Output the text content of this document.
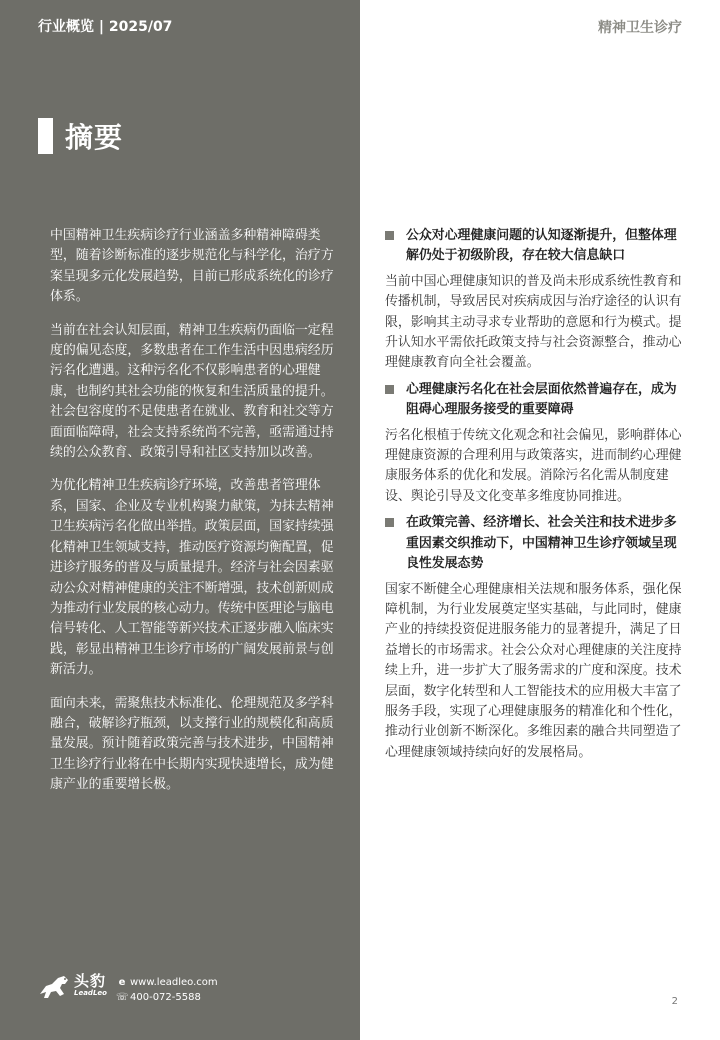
行业概览 | 2025/07
摘要

中国精神卫生疾病诊疗行业涵盖多种精神障碍类型，随着诊断标准的逐步规范化与科学化，治疗方案呈现多元化发展趋势，目前已形成系统化的诊疗体系。

当前在社会认知层面，精神卫生疾病仍面临一定程度的偏见态度，多数患者在工作生活中因患病经历污名化遭遇。这种污名化不仅影响患者的心理健康，也制约其社会功能的恢复和生活质量的提升。社会包容度的不足使患者在就业、教育和社交等方面面临障碍，社会支持系统尚不完善，亟需通过持续的公众教育、政策引导和社区支持加以改善。

为优化精神卫生疾病诊疗环境，改善患者管理体系，国家、企业及专业机构聚力献策，为抹去精神卫生疾病污名化做出举措。政策层面，国家持续强化精神卫生领域支持，推动医疗资源均衡配置，促进诊疗服务的普及与质量提升。经济与社会因素驱动公众对精神健康的关注不断增强，技术创新则成为推动行业发展的核心动力。传统中医理论与脑电信号转化、人工智能等新兴技术正逐步融入临床实践，彰显出精神卫生诊疗市场的广阔发展前景与创新活力。

面向未来，需聚焦技术标准化、伦理规范及多学科融合，破解诊疗瓶颈，以支撑行业的规模化和高质量发展。预计随着政策完善与技术进步，中国精神卫生诊疗行业将在中长期内实现快速增长，成为健康产业的重要增长极。

头豹
LeadLeo
e www.leadleo.com
☏ 400-072-5588
精神卫生诊疗
公众对心理健康问题的认知逐渐提升，但整体理解仍处于初级阶段，存在较大信息缺口

当前中国心理健康知识的普及尚未形成系统性教育和传播机制，导致居民对疾病成因与治疗途径的认识有限，影响其主动寻求专业帮助的意愿和行为模式。提升认知水平需依托政策支持与社会资源整合，推动心理健康教育向全社会覆盖。

心理健康污名化在社会层面依然普遍存在，成为阻碍心理服务接受的重要障碍

污名化根植于传统文化观念和社会偏见，影响群体心理健康资源的合理利用与政策落实，进而制约心理健康服务体系的优化和发展。消除污名化需从制度建设、舆论引导及文化变革多维度协同推进。

在政策完善、经济增长、社会关注和技术进步多重因素交织推动下，中国精神卫生诊疗领域呈现良性发展态势

国家不断健全心理健康相关法规和服务体系，强化保障机制，为行业发展奠定坚实基础，与此同时，健康产业的持续投资促进服务能力的显著提升，满足了日益增长的市场需求。社会公众对心理健康的关注度持续上升，进一步扩大了服务需求的广度和深度。技术层面，数字化转型和人工智能技术的应用极大丰富了服务手段，实现了心理健康服务的精准化和个性化，推动行业创新不断深化。多维因素的融合共同塑造了心理健康领域持续向好的发展格局。

2
